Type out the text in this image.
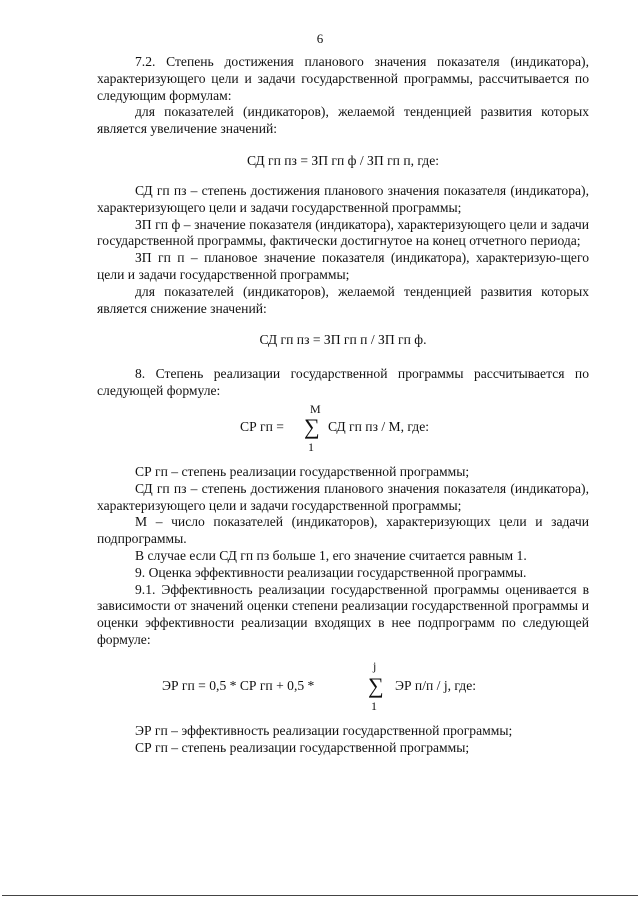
6

7.2. Степень достижения планового значения показателя (индикатора), характеризующего цели и задачи государственной программы, рассчитывается по следующим формулам:

для показателей (индикаторов), желаемой тенденцией развития которых является увеличение значений:

СД гп пз = ЗП гп ф / ЗП гп п, где:

СД гп пз – степень достижения планового значения показателя (индикатора), характеризующего цели и задачи государственной программы;

ЗП гп ф – значение показателя (индикатора), характеризующего цели и задачи государственной программы, фактически достигнутое на конец отчетного периода;

ЗП гп п – плановое значение показателя (индикатора), характеризую-щего цели и задачи государственной программы;

для показателей (индикаторов), желаемой тенденцией развития которых является снижение значений:

СД гп пз = ЗП гп п / ЗП гп ф.

8. Степень реализации государственной программы рассчитывается по следующей формуле:

M
СР гп = ∑ СД гп пз / М, где:
1

СР гп – степень реализации государственной программы;

СД гп пз – степень достижения планового значения показателя (индикатора), характеризующего цели и задачи государственной программы;

М – число показателей (индикаторов), характеризующих цели и задачи подпрограммы.

В случае если СД гп пз больше 1, его значение считается равным 1.

9. Оценка эффективности реализации государственной программы.

9.1. Эффективность реализации государственной программы оценивается в зависимости от значений оценки степени реализации государственной программы и оценки эффективности реализации входящих в нее подпрограмм по следующей формуле:

j
ЭР гп = 0,5 * СР гп + 0,5 * ∑ ЭР п/п / j, где:
1

ЭР гп – эффективность реализации государственной программы;

СР гп – степень реализации государственной программы;
